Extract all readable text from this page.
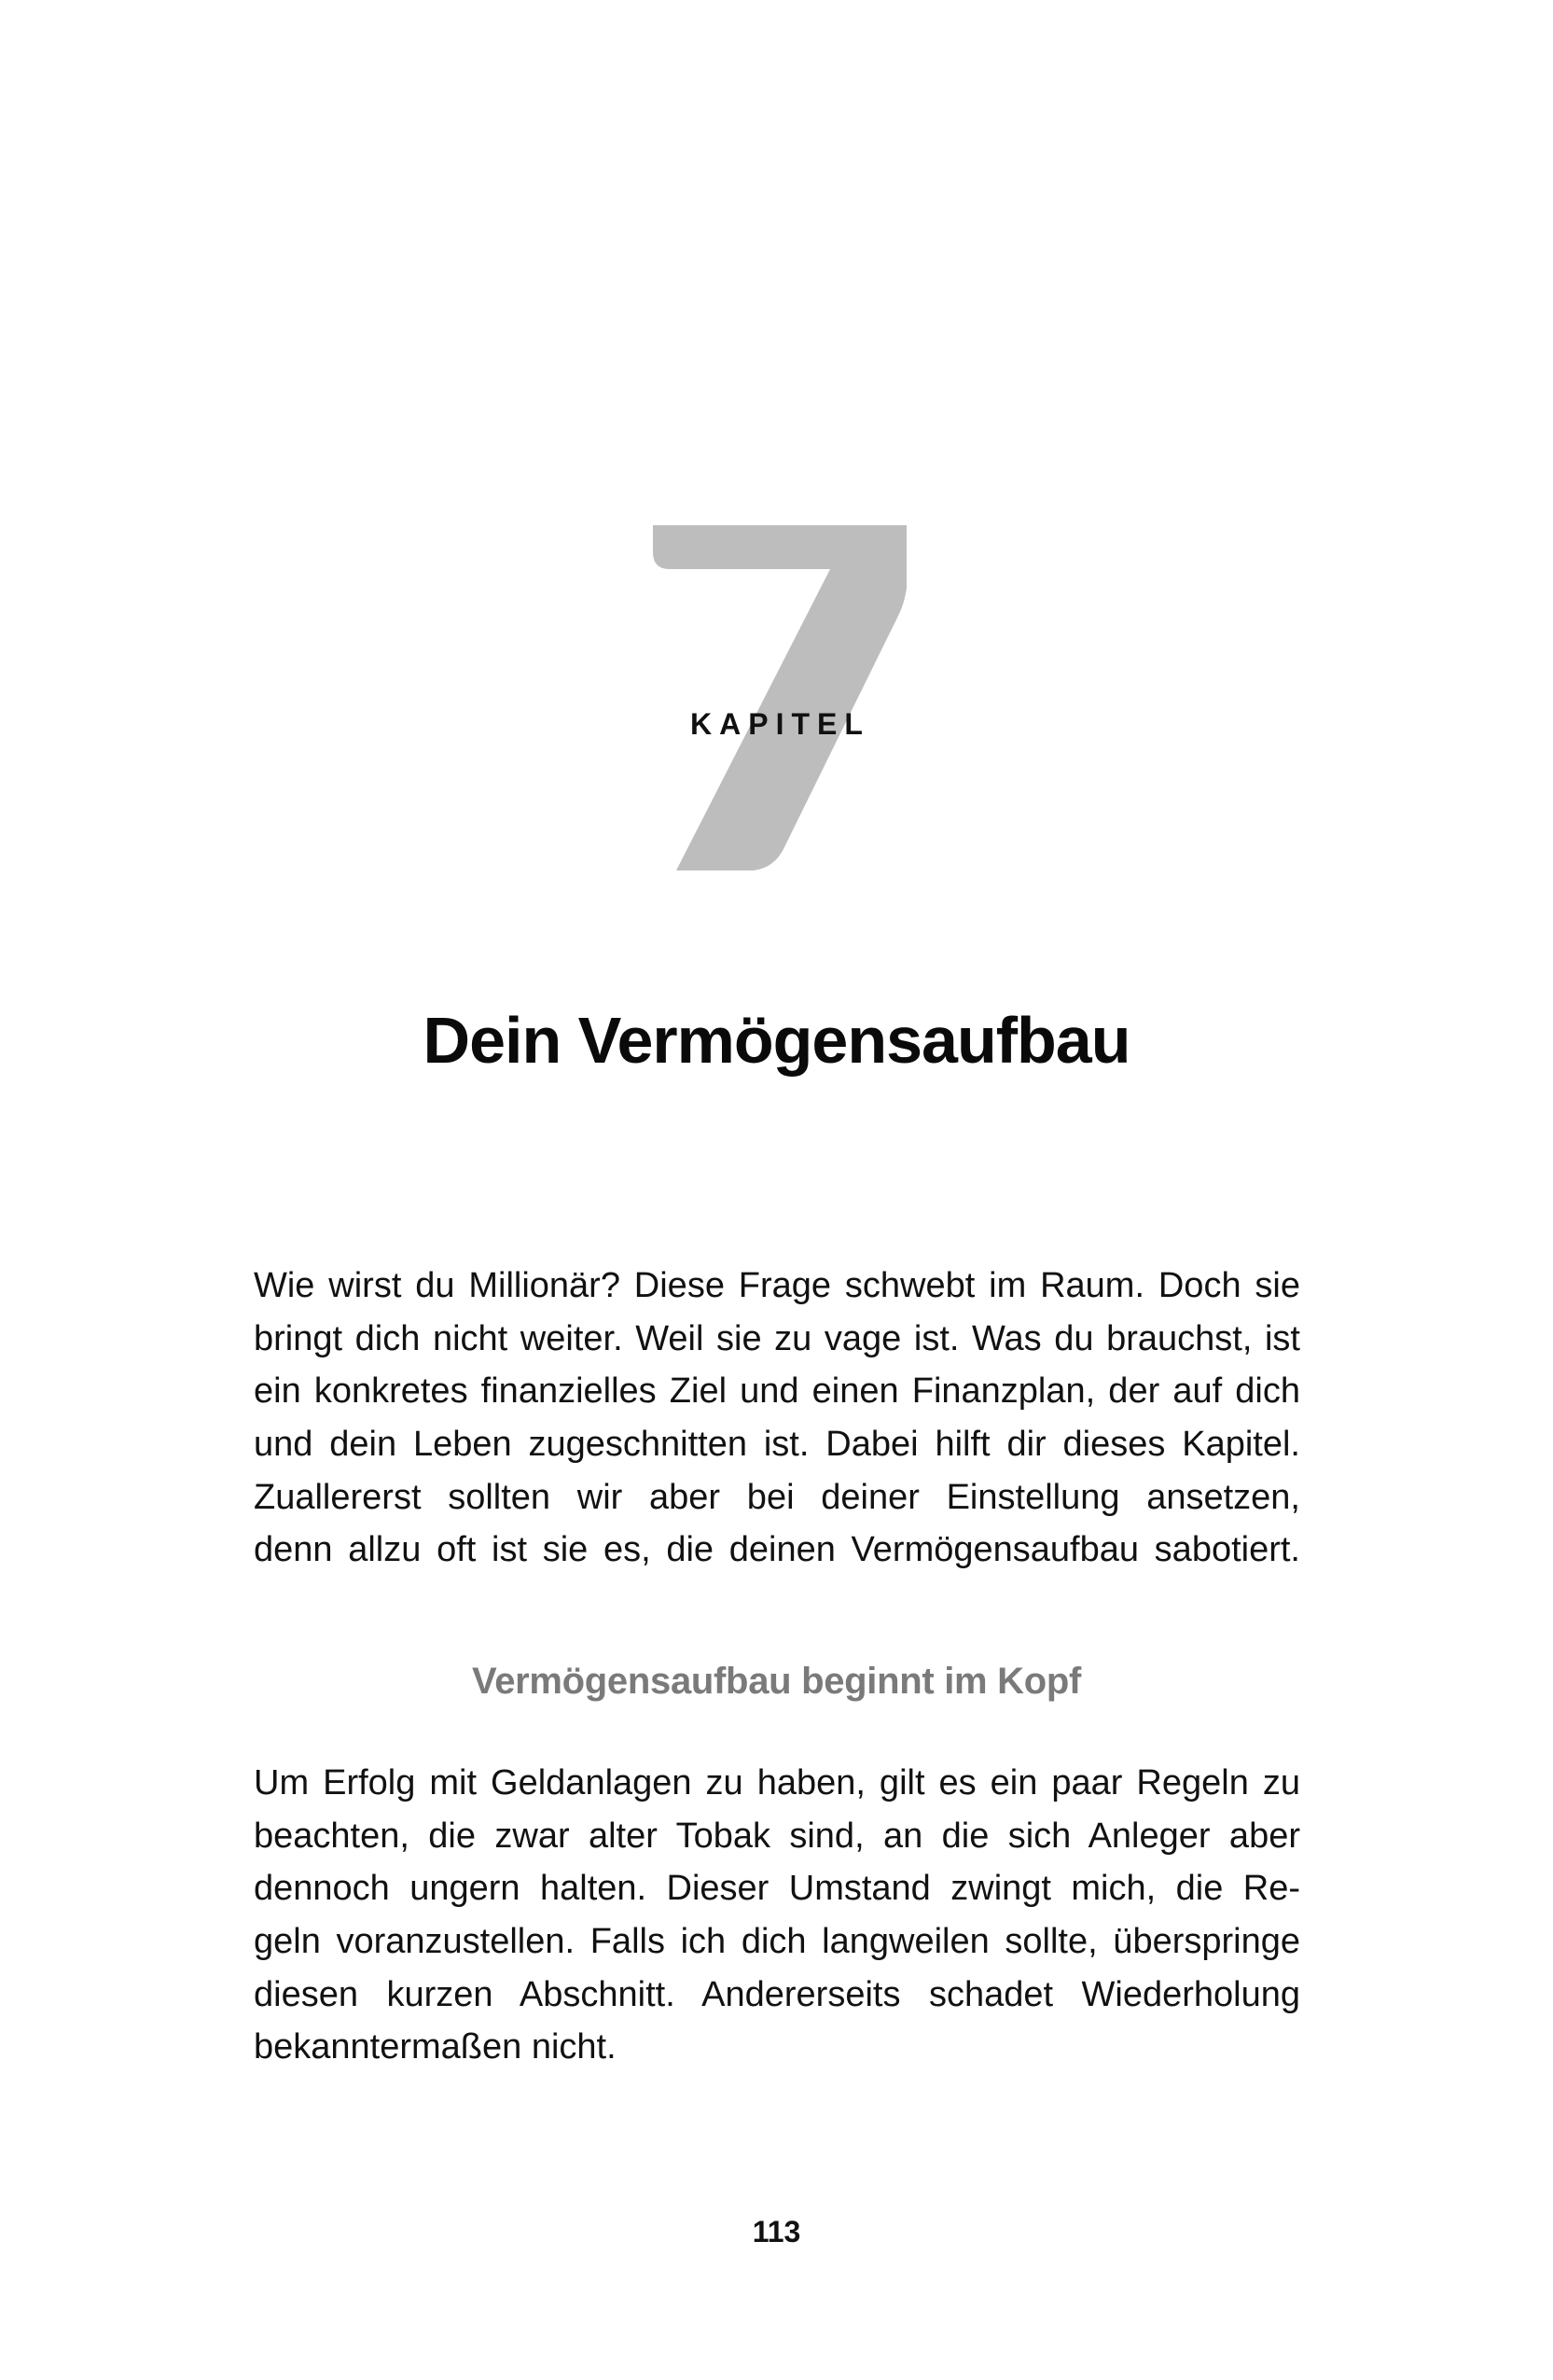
KAPITEL
Dein Vermögensaufbau
Wie wirst du Millionär? Diese Frage schwebt im Raum. Doch sie
bringt dich nicht weiter. Weil sie zu vage ist. Was du brauchst, ist
ein konkretes finanzielles Ziel und einen Finanzplan, der auf dich
und dein Leben zugeschnitten ist. Dabei hilft dir dieses Kapitel.
Zuallererst sollten wir aber bei deiner Einstellung ansetzen,
denn allzu oft ist sie es, die deinen Vermögensaufbau sabotiert.
Vermögensaufbau beginnt im Kopf
Um Erfolg mit Geldanlagen zu haben, gilt es ein paar Regeln zu
beachten, die zwar alter Tobak sind, an die sich Anleger aber
dennoch ungern halten. Dieser Umstand zwingt mich, die Re-
geln voranzustellen. Falls ich dich langweilen sollte, überspringe
diesen kurzen Abschnitt. Andererseits schadet Wiederholung
bekanntermaßen nicht.
113
